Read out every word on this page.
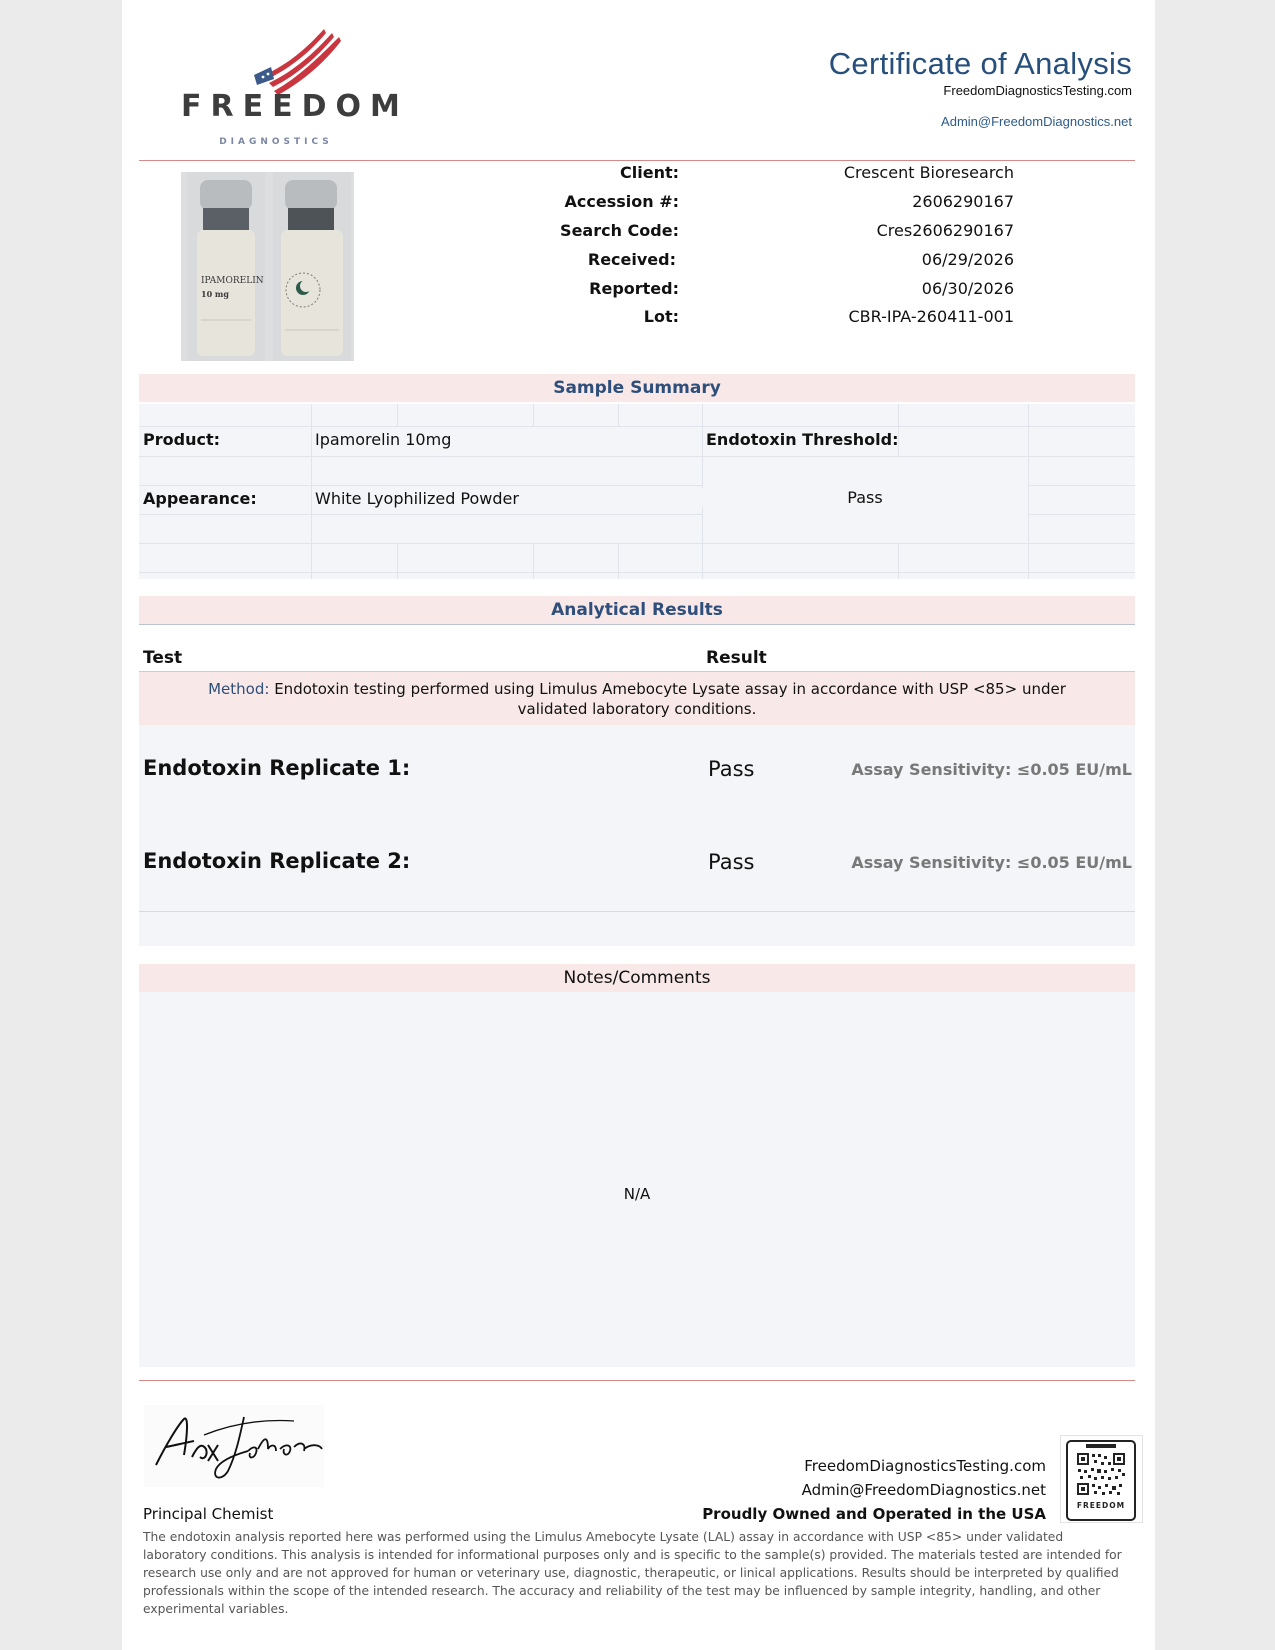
FREEDOM
DIAGNOSTICS
Certificate of Analysis
FreedomDiagnosticsTesting.com
Admin@FreedomDiagnostics.net
IPAMORELIN
10 mg
Client:	Crescent Bioresearch
Accession #:	2606290167
Search Code:	Cres2606290167
Received:	06/29/2026
Reported:	06/30/2026
Lot:	CBR-IPA-260411-001
Sample Summary
Product:	Ipamorelin 10mg	Endotoxin Threshold:
Appearance:	White Lyophilized Powder	Pass
Analytical Results
Test	Result
Method: Endotoxin testing performed using Limulus Amebocyte Lysate assay in accordance with USP <85> under validated laboratory conditions.
Endotoxin Replicate 1:	Pass	Assay Sensitivity: ≤0.05 EU/mL
Endotoxin Replicate 2:	Pass	Assay Sensitivity: ≤0.05 EU/mL
Notes/Comments
N/A
Principal Chemist
FreedomDiagnosticsTesting.com
Admin@FreedomDiagnostics.net
Proudly Owned and Operated in the USA	FREEDOM
The endotoxin analysis reported here was performed using the Limulus Amebocyte Lysate (LAL) assay in accordance with USP <85> under validated laboratory conditions. This analysis is intended for informational purposes only and is specific to the sample(s) provided. The materials tested are intended for research use only and are not approved for human or veterinary use, diagnostic, therapeutic, or linical applications. Results should be interpreted by qualified professionals within the scope of the intended research. The accuracy and reliability of the test may be influenced by sample integrity, handling, and other experimental variables.
